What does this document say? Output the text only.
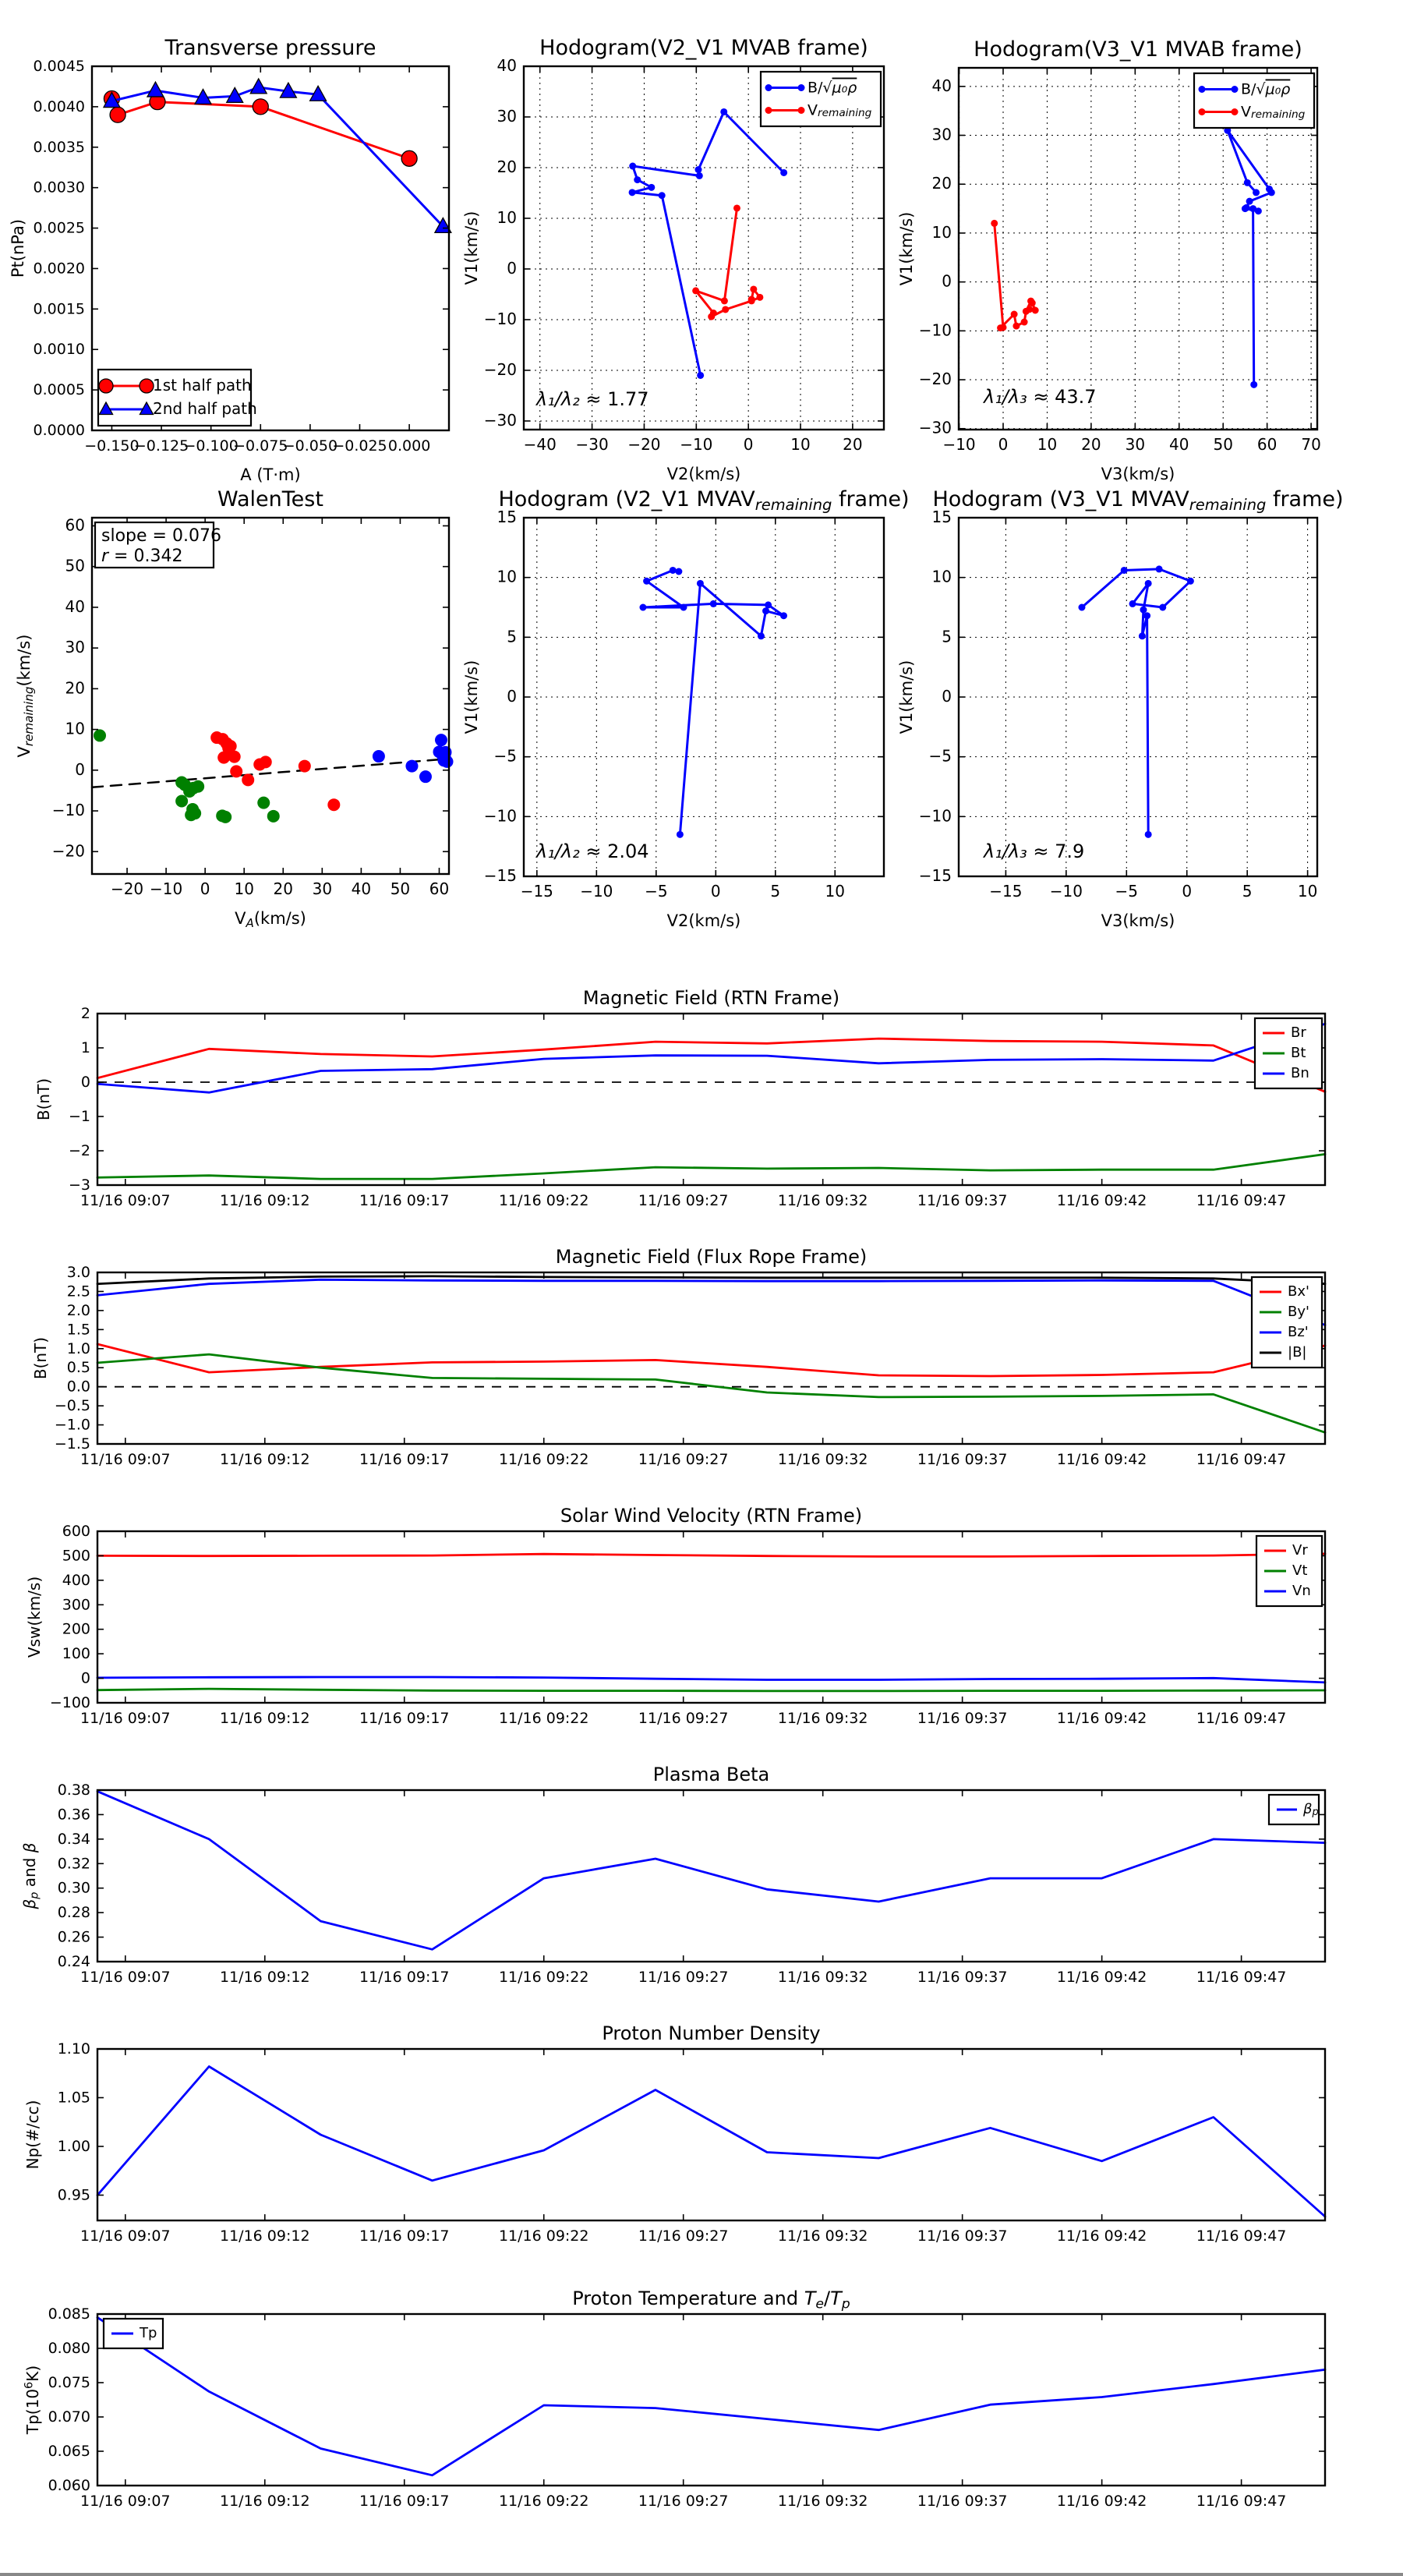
−0.150
−0.125
−0.100
−0.075
−0.050
−0.025 0.000
0.0000
0.0005
0.0010
0.0015
0.0020
0.0025
0.0030
0.0035
0.0040
0.0045
A (T·m)
Pt(nPa)
Transverse pressure
1st half path
2nd half path
−40 −30 −20 −10 0 10 20
−30
−20
−10
0
10
20
30
40
V2(km/s)
V1(km/s)
Hodogram(V2_V1 MVAB frame)
λ₁/λ₂ ≈ 1.77
B/√μ₀ρ
Vremaining
−10 0 10 20 30 40 50 60 70
−30
−20
−10
0
10
20
30
40
V3(km/s)
V1(km/s)
Hodogram(V3_V1 MVAB frame)
λ₁/λ₃ ≈ 43.7
B/√μ₀ρ
Vremaining
−20 −10 0 10 20 30 40 50 60
−20
−10
0
10
20
30
40
50
60
VA(km/s)
Vremaining(km/s)
WalenTest
slope = 0.076
r = 0.342
−15 −10 −5	0	5	10
−15
−10
−5
0
5
10
15
V2(km/s)
V1(km/s)
Hodogram (V2_V1 MVAVremaining frame)
λ₁/λ₂ ≈ 2.04
−15 −10 −5	0	5	10
−15
−10
−5
0
5
10
15
V3(km/s)
V1(km/s)
Hodogram (V3_V1 MVAVremaining frame)
λ₁/λ₃ ≈ 7.9
11/16 09:07	11/16 09:12	11/16 09:17	11/16 09:22	11/16 09:27	11/16 09:32	11/16 09:37	11/16 09:42	11/16 09:47
2
1
0
−1
−2
−3
B(nT)
Magnetic Field (RTN Frame)
Br
Bt
Bn
11/16 09:07	11/16 09:12	11/16 09:17	11/16 09:22	11/16 09:27	11/16 09:32	11/16 09:37	11/16 09:42	11/16 09:47
3.0
2.5
2.0
1.5
1.0
0.5
0.0
−0.5
−1.0
−1.5
B(nT)
Magnetic Field (Flux Rope Frame)
Bx'
By'
Bz'
|B|
11/16 09:07	11/16 09:12	11/16 09:17	11/16 09:22	11/16 09:27	11/16 09:32	11/16 09:37	11/16 09:42	11/16 09:47
600
500
400
300
200
100
0
−100
Vsw(km/s)
Solar Wind Velocity (RTN Frame)
Vr
Vt
Vn
11/16 09:07	11/16 09:12	11/16 09:17	11/16 09:22	11/16 09:27	11/16 09:32	11/16 09:37	11/16 09:42	11/16 09:47
0.38
0.36
0.34
0.32
0.30
0.28
0.26
0.24
βp and β
Plasma Beta
βp
11/16 09:07	11/16 09:12	11/16 09:17	11/16 09:22	11/16 09:27	11/16 09:32	11/16 09:37	11/16 09:42	11/16 09:47
1.10
1.05
1.00
0.95
Np(#/cc)
Proton Number Density
11/16 09:07	11/16 09:12	11/16 09:17	11/16 09:22	11/16 09:27	11/16 09:32	11/16 09:37	11/16 09:42	11/16 09:47
0.085
0.080
0.075
0.070
0.065
0.060
$Tp(10^6K)$
Proton Temperature and Te/Tp
Tp
